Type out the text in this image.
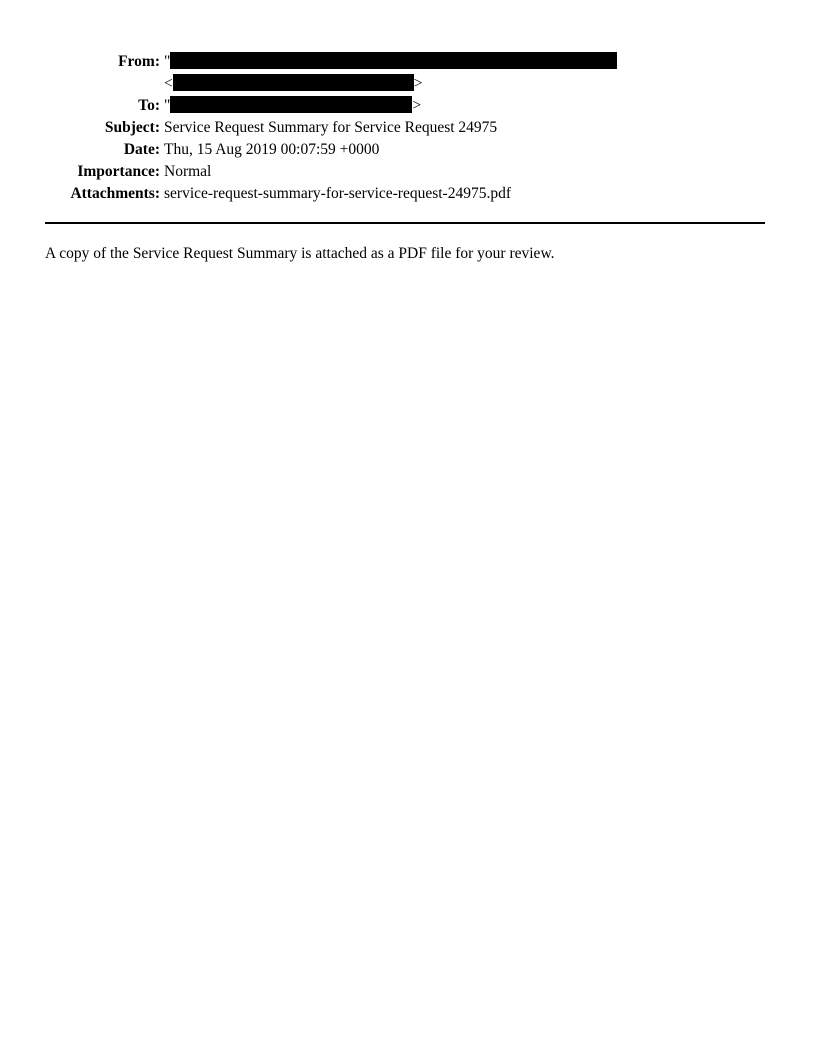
From: "
<	>
To: "	>
Subject: Service Request Summary for Service Request 24975
Date: Thu, 15 Aug 2019 00:07:59 +0000
Importance: Normal
Attachments: service-request-summary-for-service-request-24975.pdf
A copy of the Service Request Summary is attached as a PDF file for your review.
